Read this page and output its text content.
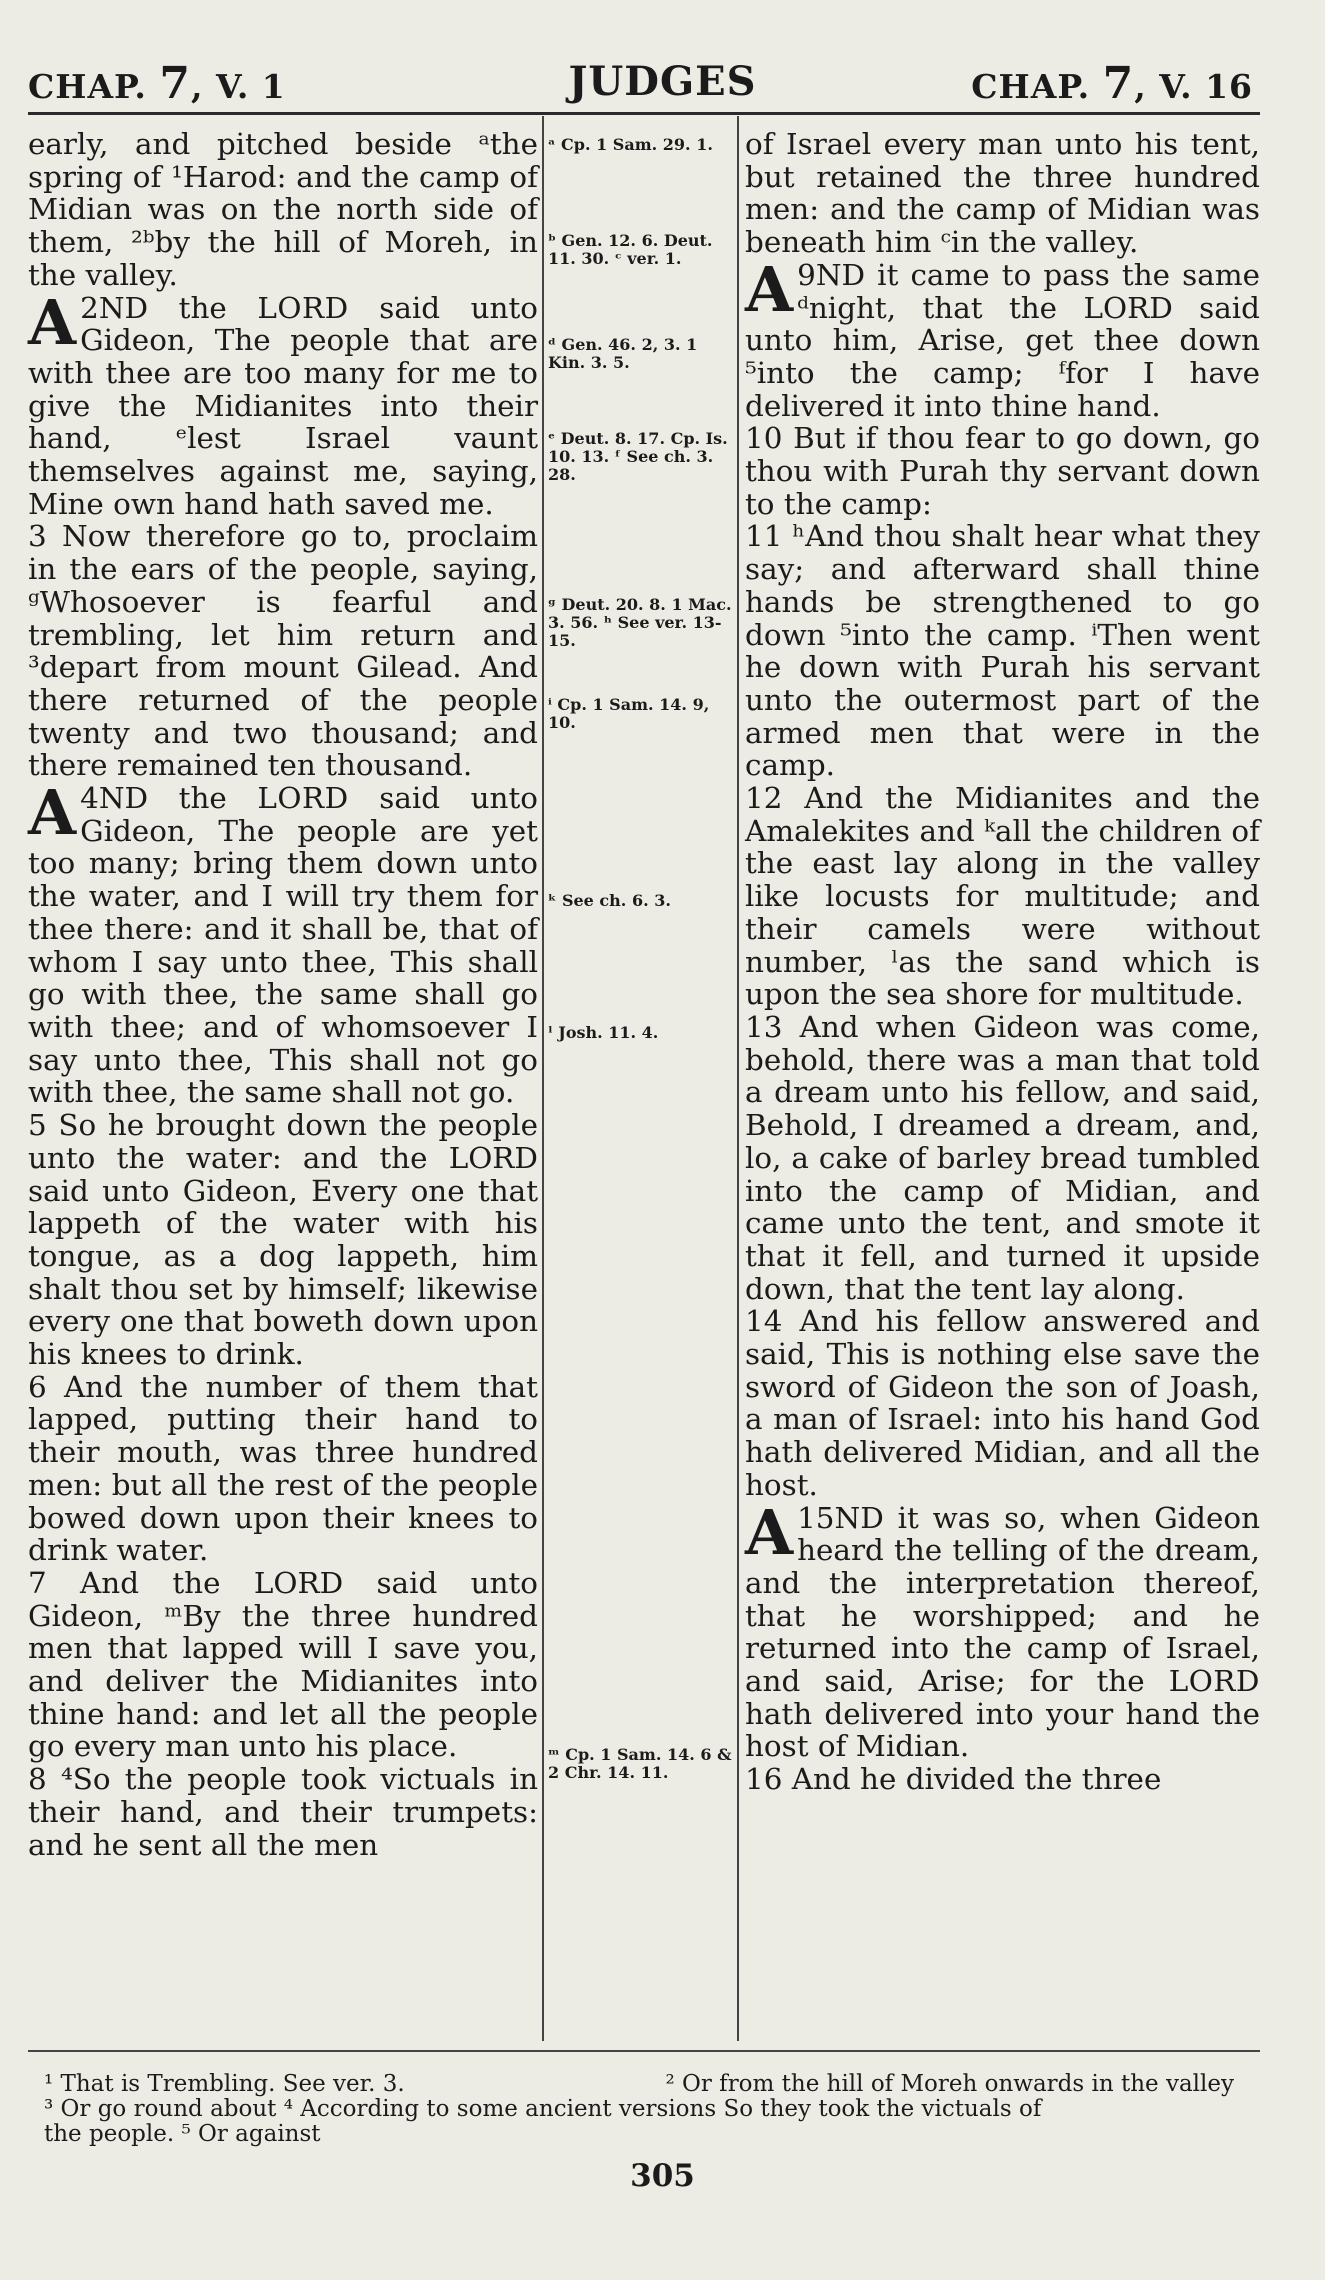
CHAP. 7, V. 1	JUDGES	CHAP. 7, V. 16

early, and pitched beside ᵃthe spring of ¹Harod: and the camp of Midian was on the north side of them, ²ᵇby the hill of Moreh, in the valley.

2
A ND the LORD said unto Gideon, The people that are with thee are too many for me to give the Midianites into their hand, ᵉlest Israel vaunt themselves against me, saying, Mine own hand hath saved me.

3 Now therefore go to, proclaim in the ears of the people, saying, ᵍWhosoever is fearful and trembling, let him return and ³depart from mount Gilead. And there returned of the people twenty and two thousand; and there remained ten thousand.

4
A ND the LORD said unto Gideon, The people are yet too many; bring them down unto the water, and I will try them for thee there: and it shall be, that of whom I say unto thee, This shall go with thee, the same shall go with thee; and of whomsoever I say unto thee, This shall not go with thee, the same shall not go.

5 So he brought down the people unto the water: and the LORD said unto Gideon, Every one that lappeth of the water with his tongue, as a dog lappeth, him shalt thou set by himself; likewise every one that boweth down upon his knees to drink.

6 And the number of them that lapped, putting their hand to their mouth, was three hundred men: but all the rest of the people bowed down upon their knees to drink water.

7 And the LORD said unto Gideon, ᵐBy the three hundred men that lapped will I save you, and deliver the Midianites into thine hand: and let all the people go every man unto his place.

8 ⁴So the people took victuals in their hand, and their trumpets: and he sent all the men

ᵃ Cp. 1 Sam. 29. 1.
ᵇ Gen. 12. 6. Deut. 11. 30. ᶜ ver. 1.
ᵈ Gen. 46. 2, 3. 1 Kin. 3. 5.
ᵉ Deut. 8. 17. Cp. Is. 10. 13. ᶠ See ch. 3. 28.
ᵍ Deut. 20. 8. 1 Mac. 3. 56. ʰ See ver. 13-15.
ⁱ Cp. 1 Sam. 14. 9, 10.
ᵏ See ch. 6. 3.
ˡ Josh. 11. 4.
ᵐ Cp. 1 Sam. 14. 6 & 2 Chr. 14. 11.

of Israel every man unto his tent, but retained the three hundred men: and the camp of Midian was beneath him ᶜin the valley.

9
A ND it came to pass the same ᵈnight, that the LORD said unto him, Arise, get thee down ⁵into the camp; ᶠfor I have delivered it into thine hand.

10 But if thou fear to go down, go thou with Purah thy servant down to the camp:

11 ʰAnd thou shalt hear what they say; and afterward shall thine hands be strengthened to go down ⁵into the camp. ⁱThen went he down with Purah his servant unto the outermost part of the armed men that were in the camp.

12 And the Midianites and the Amalekites and ᵏall the children of the east lay along in the valley like locusts for multitude; and their camels were without number, ˡas the sand which is upon the sea shore for multitude.

13 And when Gideon was come, behold, there was a man that told a dream unto his fellow, and said, Behold, I dreamed a dream, and, lo, a cake of barley bread tumbled into the camp of Midian, and came unto the tent, and smote it that it fell, and turned it upside down, that the tent lay along.

14 And his fellow answered and said, This is nothing else save the sword of Gideon the son of Joash, a man of Israel: into his hand God hath delivered Midian, and all the host.

15
A ND it was so, when Gideon heard the telling of the dream, and the interpretation thereof, that he worshipped; and he returned into the camp of Israel, and said, Arise; for the LORD hath delivered into your hand the host of Midian.

16 And he divided the three

¹ That is Trembling. See ver. 3.	² Or from the hill of Moreh onwards in the valley
³ Or go round about ⁴ According to some ancient versions So they took the victuals of
the people. ⁵ Or against
305
